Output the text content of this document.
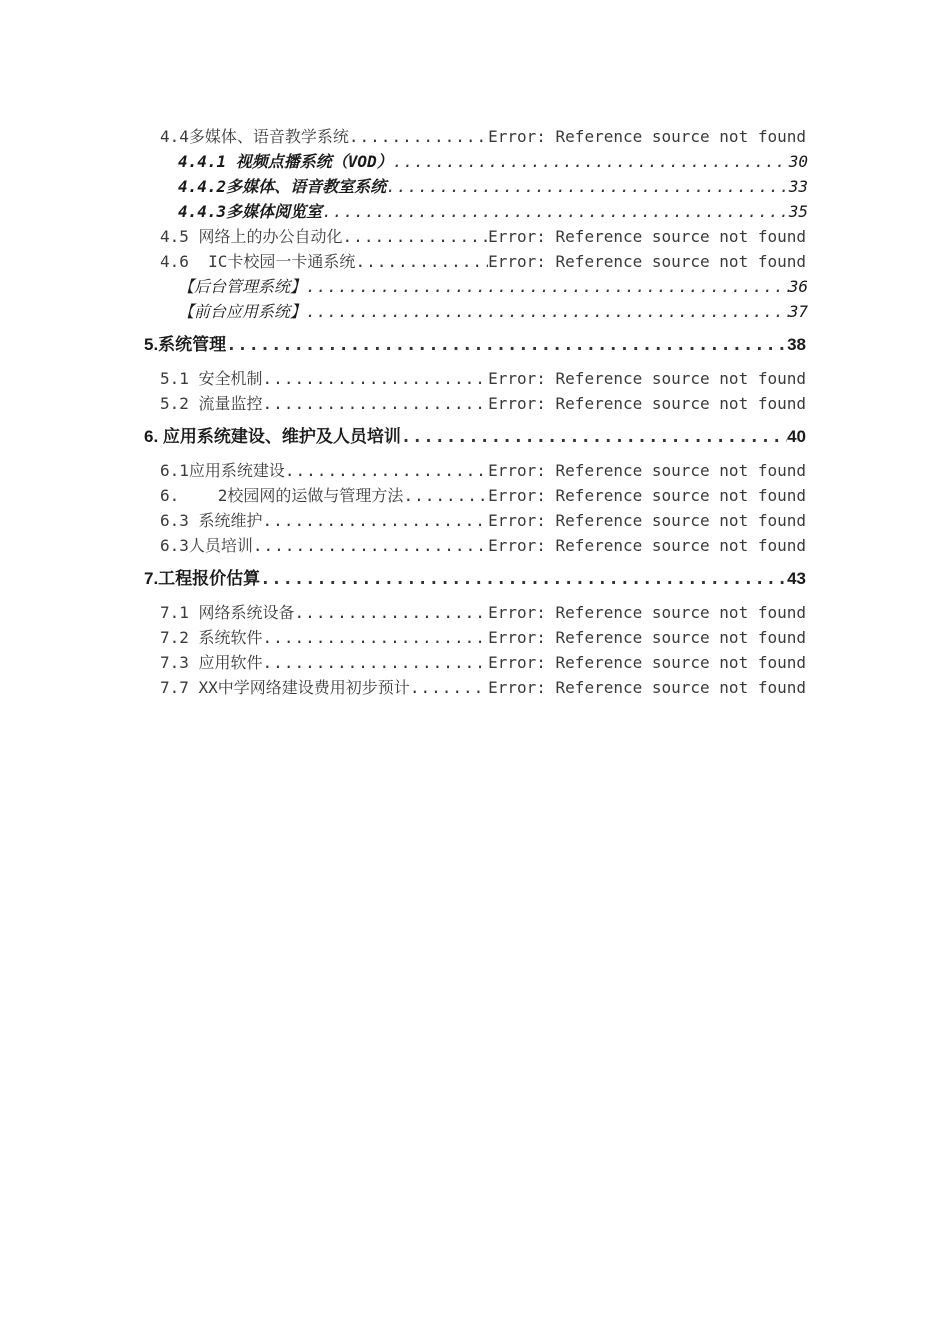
4.4多媒体、语音教学系统 .....	Error: Reference source not found
4.4.1 视频点播系统（VOD） .....	30
4.4.2多媒体、语音教室系统 .....	33
4.4.3多媒体阅览室 .....	35
4.5 网络上的办公自动化 .....	Error: Reference source not found
4.6  IC卡校园一卡通系统 .....	Error: Reference source not found
【后台管理系统】 .....	36
【前台应用系统】 .....	37
5.系统管理 .....	38
5.1 安全机制 .....	Error: Reference source not found
5.2 流量监控 .....	Error: Reference source not found
6. 应用系统建设、维护及人员培训 .....	40
6.1应用系统建设 .....	Error: Reference source not found
6.    2校园网的运做与管理方法 .....	Error: Reference source not found
6.3 系统维护 .....	Error: Reference source not found
6.3人员培训 .....	Error: Reference source not found
7.工程报价估算 .....	43
7.1 网络系统设备 .....	Error: Reference source not found
7.2 系统软件 .....	Error: Reference source not found
7.3 应用软件 .....	Error: Reference source not found
7.7 XX中学网络建设费用初步预计 .....	Error: Reference source not found
